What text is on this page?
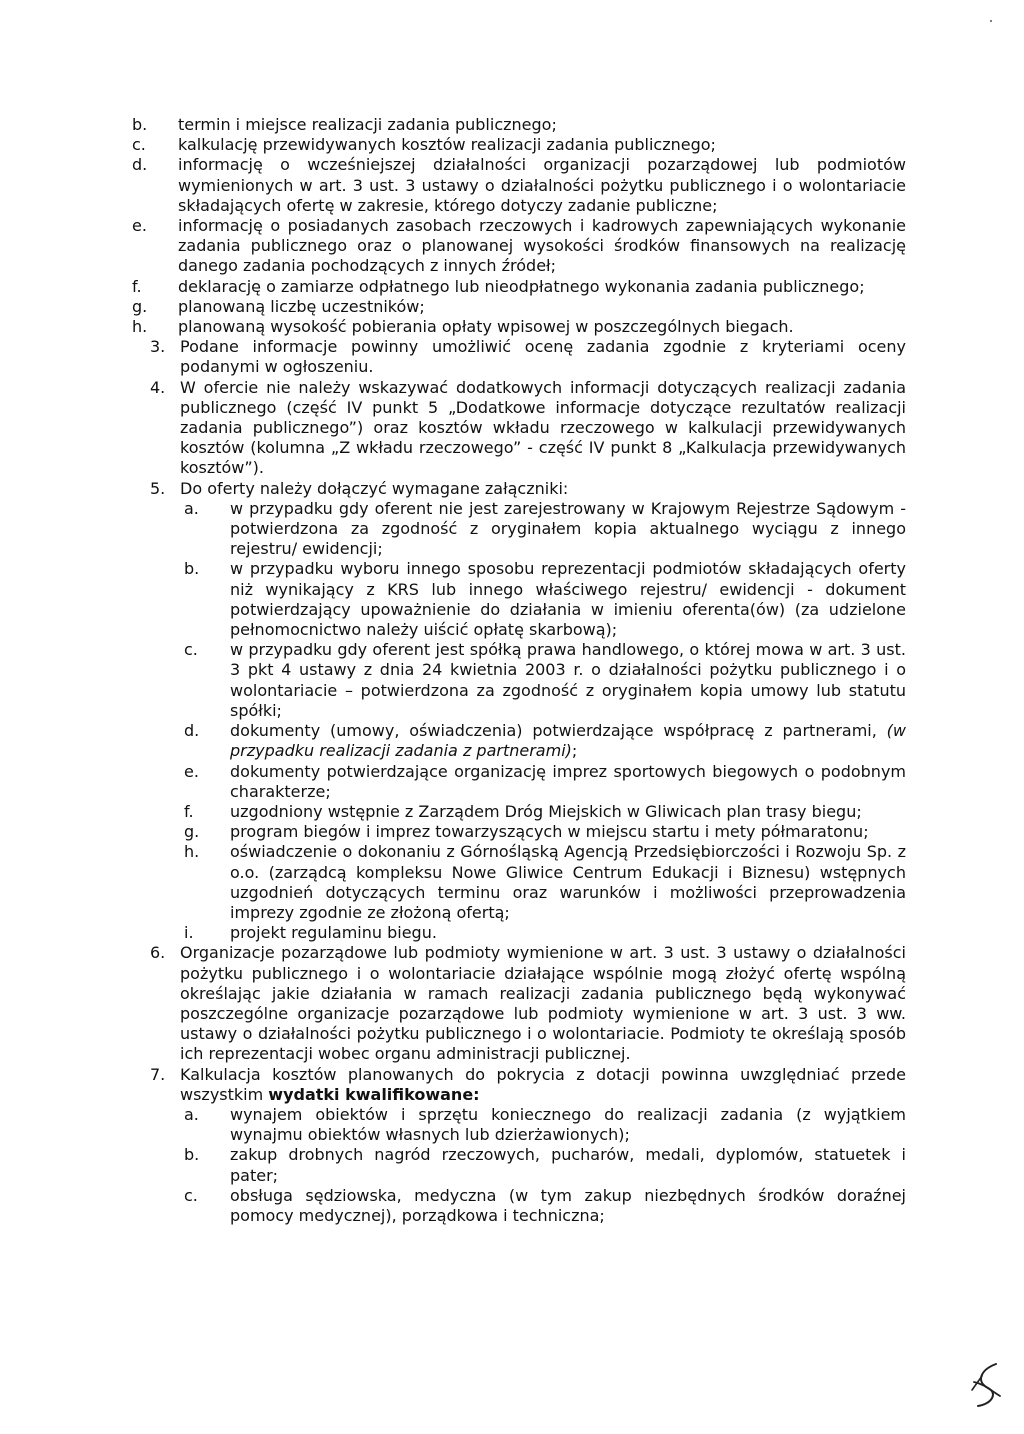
b. termin i miejsce realizacji zadania publicznego;
c. kalkulację przewidywanych kosztów realizacji zadania publicznego;
d. informację o wcześniejszej działalności organizacji pozarządowej lub podmiotów wymienionych w art. 3 ust. 3 ustawy o działalności pożytku publicznego i o wolontariacie składających ofertę w zakresie, którego dotyczy zadanie publiczne;
e. informację o posiadanych zasobach rzeczowych i kadrowych zapewniających wykonanie zadania publicznego oraz o planowanej wysokości środków finansowych na realizację danego zadania pochodzących z innych źródeł;
f. deklarację o zamiarze odpłatnego lub nieodpłatnego wykonania zadania publicznego;
g. planowaną liczbę uczestników;
h. planowaną wysokość pobierania opłaty wpisowej w poszczególnych biegach.
3. Podane informacje powinny umożliwić ocenę zadania zgodnie z kryteriami oceny podanymi w ogłoszeniu.
4. W ofercie nie należy wskazywać dodatkowych informacji dotyczących realizacji zadania publicznego (część IV punkt 5 „Dodatkowe informacje dotyczące rezultatów realizacji zadania publicznego”) oraz kosztów wkładu rzeczowego w kalkulacji przewidywanych kosztów (kolumna „Z wkładu rzeczowego” - część IV punkt 8 „Kalkulacja przewidywanych kosztów”).
5. Do oferty należy dołączyć wymagane załączniki:
a. w przypadku gdy oferent nie jest zarejestrowany w Krajowym Rejestrze Sądowym - potwierdzona za zgodność z oryginałem kopia aktualnego wyciągu z innego rejestru/ ewidencji;
b. w przypadku wyboru innego sposobu reprezentacji podmiotów składających oferty niż wynikający z KRS lub innego właściwego rejestru/ ewidencji - dokument potwierdzający upoważnienie do działania w imieniu oferenta(ów) (za udzielone pełnomocnictwo należy uiścić opłatę skarbową);
c. w przypadku gdy oferent jest spółką prawa handlowego, o której mowa w art. 3 ust. 3 pkt 4 ustawy z dnia 24 kwietnia 2003 r. o działalności pożytku publicznego i o wolontariacie – potwierdzona za zgodność z oryginałem kopia umowy lub statutu spółki;
d. dokumenty (umowy, oświadczenia) potwierdzające współpracę z partnerami, (w przypadku realizacji zadania z partnerami);
e. dokumenty potwierdzające organizację imprez sportowych biegowych o podobnym charakterze;
f. uzgodniony wstępnie z Zarządem Dróg Miejskich w Gliwicach plan trasy biegu;
g. program biegów i imprez towarzyszących w miejscu startu i mety półmaratonu;
h. oświadczenie o dokonaniu z Górnośląską Agencją Przedsiębiorczości i Rozwoju Sp. z o.o. (zarządcą kompleksu Nowe Gliwice Centrum Edukacji i Biznesu) wstępnych uzgodnień dotyczących terminu oraz warunków i możliwości przeprowadzenia imprezy zgodnie ze złożoną ofertą;
i. projekt regulaminu biegu.
6. Organizacje pozarządowe lub podmioty wymienione w art. 3 ust. 3 ustawy o działalności pożytku publicznego i o wolontariacie działające wspólnie mogą złożyć ofertę wspólną określając jakie działania w ramach realizacji zadania publicznego będą wykonywać poszczególne organizacje pozarządowe lub podmioty wymienione w art. 3 ust. 3 ww. ustawy o działalności pożytku publicznego i o wolontariacie. Podmioty te określają sposób ich reprezentacji wobec organu administracji publicznej.
7. Kalkulacja kosztów planowanych do pokrycia z dotacji powinna uwzględniać przede wszystkim wydatki kwalifikowane:
a. wynajem obiektów i sprzętu koniecznego do realizacji zadania (z wyjątkiem wynajmu obiektów własnych lub dzierżawionych);
b. zakup drobnych nagród rzeczowych, pucharów, medali, dyplomów, statuetek i pater;
c. obsługa sędziowska, medyczna (w tym zakup niezbędnych środków doraźnej pomocy medycznej), porządkowa i techniczna;
